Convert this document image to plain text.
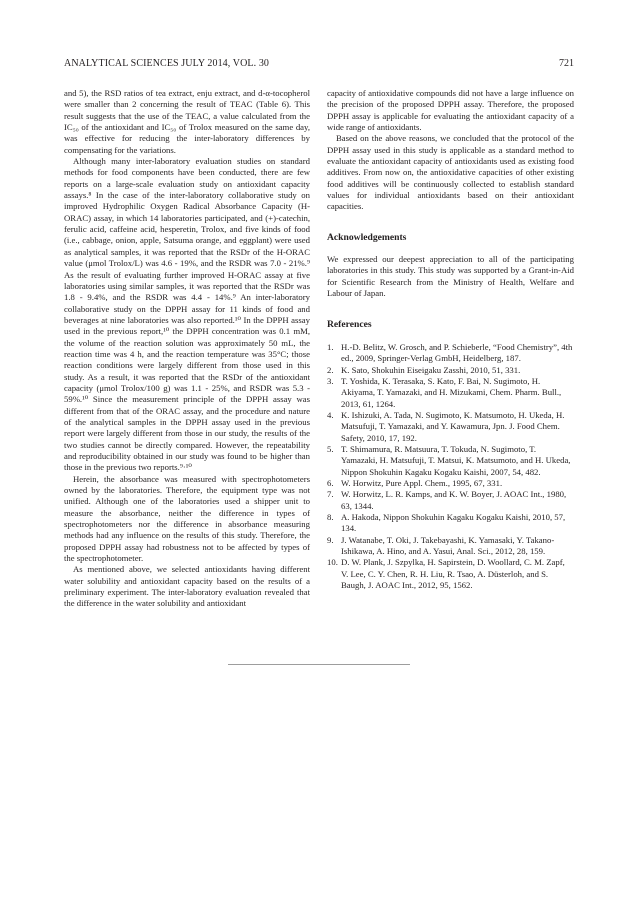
ANALYTICAL SCIENCES JULY 2014, VOL. 30	721

and 5), the RSD ratios of tea extract, enju extract, and d-α-tocopherol were smaller than 2 concerning the result of TEAC (Table 6). This result suggests that the use of the TEAC, a value calculated from the IC₅₀ of the antioxidant and IC₅₀ of Trolox measured on the same day, was effective for reducing the inter-laboratory differences by compensating for the variations.

Although many inter-laboratory evaluation studies on standard methods for food components have been conducted, there are few reports on a large-scale evaluation study on antioxidant capacity assays.⁸ In the case of the inter-laboratory collaborative study on improved Hydrophilic Oxygen Radical Absorbance Capacity (H-ORAC) assay, in which 14 laboratories participated, and (+)-catechin, ferulic acid, caffeine acid, hesperetin, Trolox, and five kinds of food (i.e., cabbage, onion, apple, Satsuma orange, and eggplant) were used as analytical samples, it was reported that the RSDr of the H-ORAC value (μmol Trolox/L) was 4.6 - 19%, and the RSDR was 7.0 - 21%.⁹ As the result of evaluating further improved H-ORAC assay at five laboratories using similar samples, it was reported that the RSDr was 1.8 - 9.4%, and the RSDR was 4.4 - 14%.⁹ An inter-laboratory collaborative study on the DPPH assay for 11 kinds of food and beverages at nine laboratories was also reported.¹⁰ In the DPPH assay used in the previous report,¹⁰ the DPPH concentration was 0.1 mM, the volume of the reaction solution was approximately 50 mL, the reaction time was 4 h, and the reaction temperature was 35°C; those reaction conditions were largely different from those used in this study. As a result, it was reported that the RSDr of the antioxidant capacity (μmol Trolox/100 g) was 1.1 - 25%, and RSDR was 5.3 - 59%.¹⁰ Since the measurement principle of the DPPH assay was different from that of the ORAC assay, and the procedure and nature of the analytical samples in the DPPH assay used in the previous report were largely different from those in our study, the results of the two studies cannot be directly compared. However, the repeatability and reproducibility obtained in our study was found to be higher than those in the previous two reports.⁹·¹⁰

Herein, the absorbance was measured with spectrophotometers owned by the laboratories. Therefore, the equipment type was not unified. Although one of the laboratories used a shipper unit to measure the absorbance, neither the difference in types of spectrophotometers nor the difference in absorbance measuring methods had any influence on the results of this study. Therefore, the proposed DPPH assay had robustness not to be affected by types of the spectrophotometer.

As mentioned above, we selected antioxidants having different water solubility and antioxidant capacity based on the results of a preliminary experiment. The inter-laboratory evaluation revealed that the difference in the water solubility and antioxidant

capacity of antioxidative compounds did not have a large influence on the precision of the proposed DPPH assay. Therefore, the proposed DPPH assay is applicable for evaluating the antioxidant capacity of a wide range of antioxidants.

Based on the above reasons, we concluded that the protocol of the DPPH assay used in this study is applicable as a standard method to evaluate the antioxidant capacity of antioxidants used as existing food additives. From now on, the antioxidative capacities of other existing food additives will be continuously collected to establish standard values for individual antioxidants based on their antioxidant capacities.

Acknowledgements

We expressed our deepest appreciation to all of the participating laboratories in this study. This study was supported by a Grant-in-Aid for Scientific Research from the Ministry of Health, Welfare and Labour of Japan.

References

1. H.-D. Belitz, W. Grosch, and P. Schieberle, “Food Chemistry”, 4th ed., 2009, Springer-Verlag GmbH, Heidelberg, 187.

2. K. Sato, Shokuhin Eiseigaku Zasshi, 2010, 51, 331.

3. T. Yoshida, K. Terasaka, S. Kato, F. Bai, N. Sugimoto, H. Akiyama, T. Yamazaki, and H. Mizukami, Chem. Pharm. Bull., 2013, 61, 1264.

4. K. Ishizuki, A. Tada, N. Sugimoto, K. Matsumoto, H. Ukeda, H. Matsufuji, T. Yamazaki, and Y. Kawamura, Jpn. J. Food Chem. Safety, 2010, 17, 192.

5. T. Shimamura, R. Matsuura, T. Tokuda, N. Sugimoto, T. Yamazaki, H. Matsufuji, T. Matsui, K. Matsumoto, and H. Ukeda, Nippon Shokuhin Kagaku Kogaku Kaishi, 2007, 54, 482.

6. W. Horwitz, Pure Appl. Chem., 1995, 67, 331.

7. W. Horwitz, L. R. Kamps, and K. W. Boyer, J. AOAC Int., 1980, 63, 1344.

8. A. Hakoda, Nippon Shokuhin Kagaku Kogaku Kaishi, 2010, 57, 134.

9. J. Watanabe, T. Oki, J. Takebayashi, K. Yamasaki, Y. Takano-Ishikawa, A. Hino, and A. Yasui, Anal. Sci., 2012, 28, 159.

10. D. W. Plank, J. Szpylka, H. Sapirstein, D. Woollard, C. M. Zapf, V. Lee, C. Y. Chen, R. H. Liu, R. Tsao, A. Düsterloh, and S. Baugh, J. AOAC Int., 2012, 95, 1562.
